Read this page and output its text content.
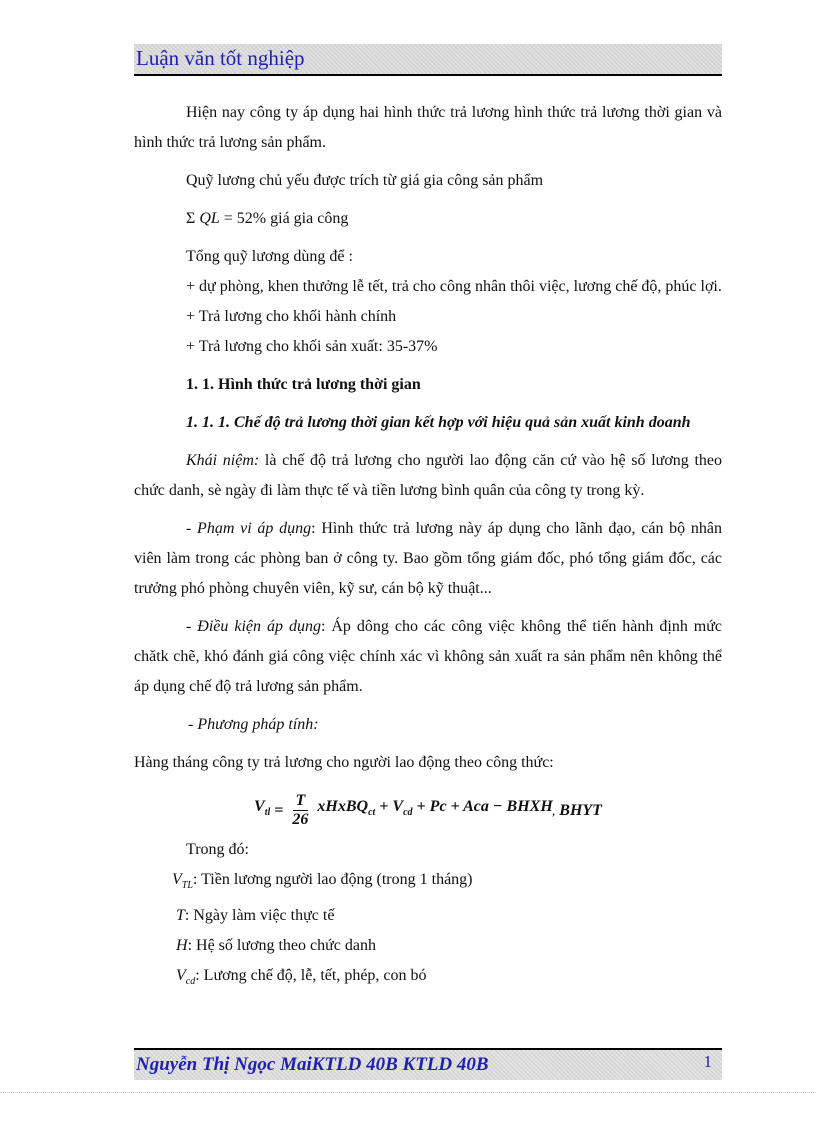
Luận văn tốt nghiệp

Hiện nay công ty áp dụng hai hình thức trả lương hình thức trả lương thời gian và hình thức trả lương sản phẩm.

Quỹ lương chủ yếu được trích từ giá gia công sản phẩm

Σ QL = 52% giá gia công

Tổng quỹ lương dùng để :

+ dự phòng, khen thưởng lễ tết, trả cho công nhân thôi việc, lương chế độ, phúc lợi.

+ Trả lương cho khối hành chính

+ Trả lương cho khối sản xuất: 35-37%

1. 1. Hình thức trả lương thời gian

1. 1. 1. Chế độ trả lương thời gian kết hợp với hiệu quả sản xuất kinh doanh

Khái niệm: là chế độ trả lương cho người lao động căn cứ vào hệ số lương theo chức danh, sè ngày đi làm thực tế và tiền lương bình quân của công ty trong kỳ.

- Phạm vi áp dụng: Hình thức trả lương này áp dụng cho lãnh đạo, cán bộ nhân viên làm trong các phòng ban ở công ty. Bao gồm tổng giám đốc, phó tổng giám đốc, các trưởng phó phòng chuyên viên, kỹ sư, cán bộ kỹ thuật...

- Điều kiện áp dụng: Áp dông cho các công việc không thể tiến hành định mức chătk chẽ, khó đánh giá công việc chính xác vì không sản xuất ra sản phẩm nên không thể áp dụng chế độ trả lương sản phẩm.

- Phương pháp tính:

Hàng tháng công ty trả lương cho người lao động theo công thức:

$V_{tl} = \frac{T}{26}$ xHxBQ$_{ct}$ + $V_{cd} + Pc$ + Aca − $BHXH_,$ BHYT

Trong đó:

$V_{TL}$: Tiền lương người lao động (trong 1 tháng)

T: Ngày làm việc thực tế

H: Hệ số lương theo chức danh

$V_{cd}$: Lương chế độ, lễ, tết, phép, con bó

Nguyễn Thị Ngọc MaiKTLD 40B KTLD 40B	1
